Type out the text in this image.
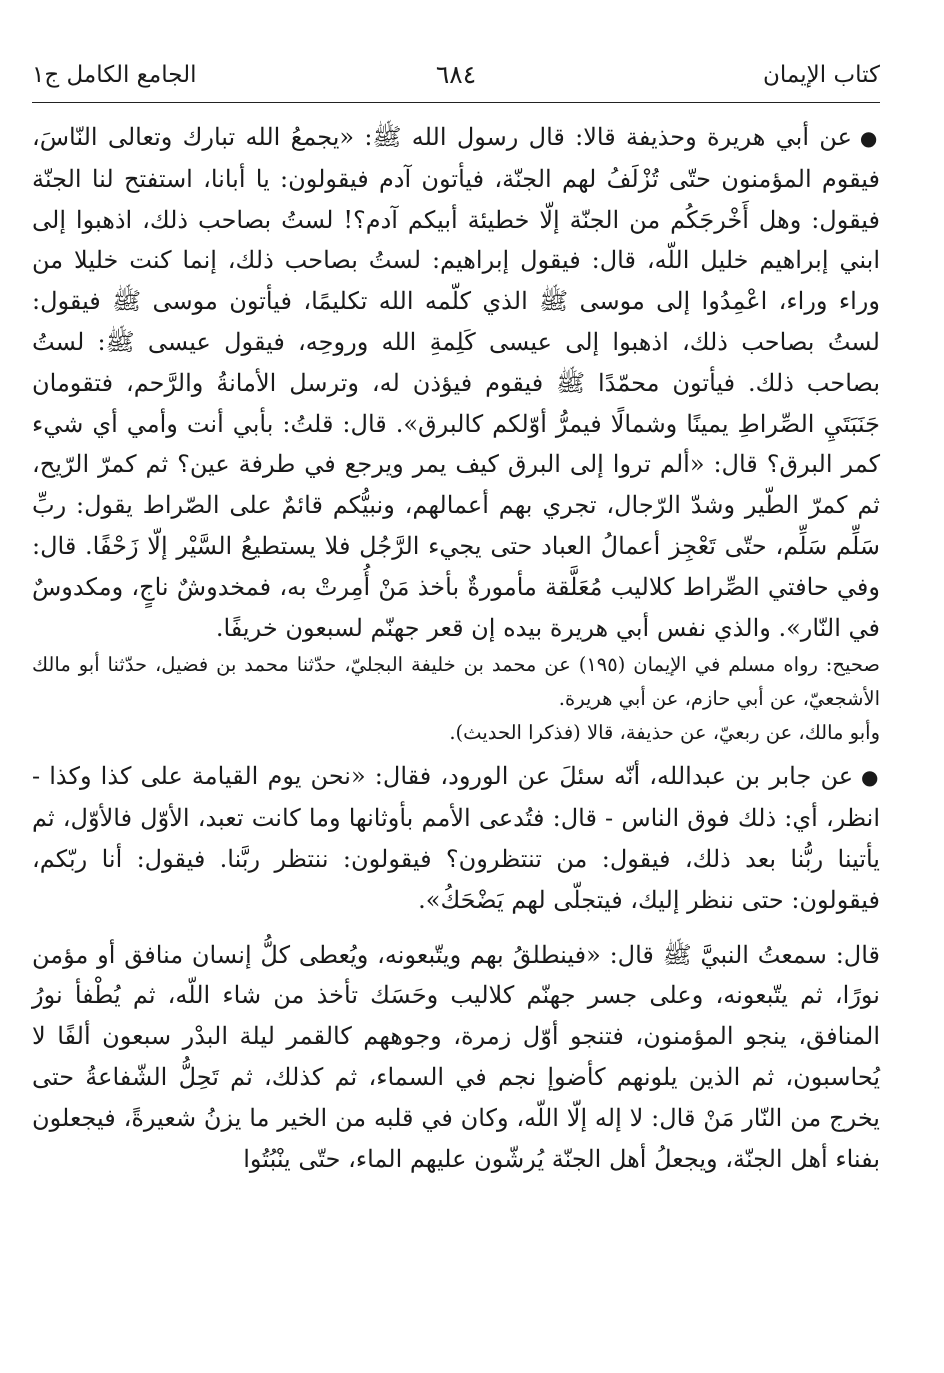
كتاب الإيمان
٦٨٤
الجامع الكامل ج١

●عن أبي هريرة وحذيفة قالا: قال رسول الله ﷺ: «يجمعُ الله تبارك وتعالى النّاسَ، فيقوم المؤمنون حتّى تُزْلَفُ لهم الجنّة، فيأتون آدم فيقولون: يا أبانا، استفتح لنا الجنّة فيقول: وهل أَخْرجَكُم من الجنّة إلّا خطيئة أبيكم آدم؟! لستُ بصاحب ذلك، اذهبوا إلى ابني إبراهيم خليل اللّه، قال: فيقول إبراهيم: لستُ بصاحب ذلك، إنما كنت خليلا من وراء وراء، اعْمِدُوا إلى موسى ﷺ الذي كلّمه الله تكليمًا، فيأتون موسى ﷺ فيقول: لستُ بصاحب ذلك، اذهبوا إلى عيسى كَلِمةِ الله وروحِه، فيقول عيسى ﷺ: لستُ بصاحب ذلك. فيأتون محمّدًا ﷺ فيقوم فيؤذن له، وترسل الأمانةُ والرَّحم، فتقومان جَنَبَتَيِ الصِّراطِ يمينًا وشمالًا فيمرُّ أوّلكم كالبرق». قال: قلتُ: بأبي أنت وأمي أي شيء كمر البرق؟ قال: «ألم تروا إلى البرق كيف يمر ويرجع في طرفة عين؟ ثم كمرّ الرّيح، ثم كمرّ الطّير وشدّ الرّجال، تجري بهم أعمالهم، ونبيُّكم قائمٌ على الصّراط يقول: ربِّ سَلِّم سَلِّم، حتّى تَعْجِز أعمالُ العباد حتى يجيء الرَّجُل فلا يستطيعُ السَّيْر إلّا زَحْفًا. قال: وفي حافتي الصِّراط كلاليب مُعَلَّقة مأمورةٌ بأخذ مَنْ أُمِرتْ به، فمخدوشٌ ناجٍ، ومكدوسٌ في النّار». والذي نفس أبي هريرة بيده إن قعر جهنّم لسبعون خريفًا.

صحيح: رواه مسلم في الإيمان (١٩٥) عن محمد بن خليفة البجليّ، حدّثنا محمد بن فضيل، حدّثنا أبو مالك الأشجعيّ، عن أبي حازم، عن أبي هريرة.

وأبو مالك، عن ربعيّ، عن حذيفة، قالا (فذكرا الحديث).

●عن جابر بن عبدالله، أنّه سئلَ عن الورود، فقال: «نحن يوم القيامة على كذا وكذا - انظر، أي: ذلك فوق الناس - قال: فتُدعى الأمم بأوثانها وما كانت تعبد، الأوّل فالأوّل، ثم يأتينا ربُّنا بعد ذلك، فيقول: من تنتظرون؟ فيقولون: ننتظر ربَّنا. فيقول: أنا ربّكم، فيقولون: حتى ننظر إليك، فيتجلّى لهم يَضْحَكُ».

قال: سمعتُ النبيَّ ﷺ قال: «فينطلقُ بهم ويتّبعونه، ويُعطى كلُّ إنسان منافق أو مؤمن نورًا، ثم يتّبعونه، وعلى جسر جهنّم كلاليب وحَسَك تأخذ من شاء اللّه، ثم يُطْفأ نورُ المنافق، ينجو المؤمنون، فتنجو أوّل زمرة، وجوههم كالقمر ليلة البدْر سبعون ألفًا لا يُحاسبون، ثم الذين يلونهم كأضوإ نجم في السماء، ثم كذلك، ثم تَحِلُّ الشّفاعةُ حتى يخرج من النّار مَنْ قال: لا إله إلّا اللّه، وكان في قلبه من الخير ما يزنُ شعيرةً، فيجعلون بفناء أهل الجنّة، ويجعلُ أهل الجنّة يُرشّون عليهم الماء، حتّى ينْبُتُوا
